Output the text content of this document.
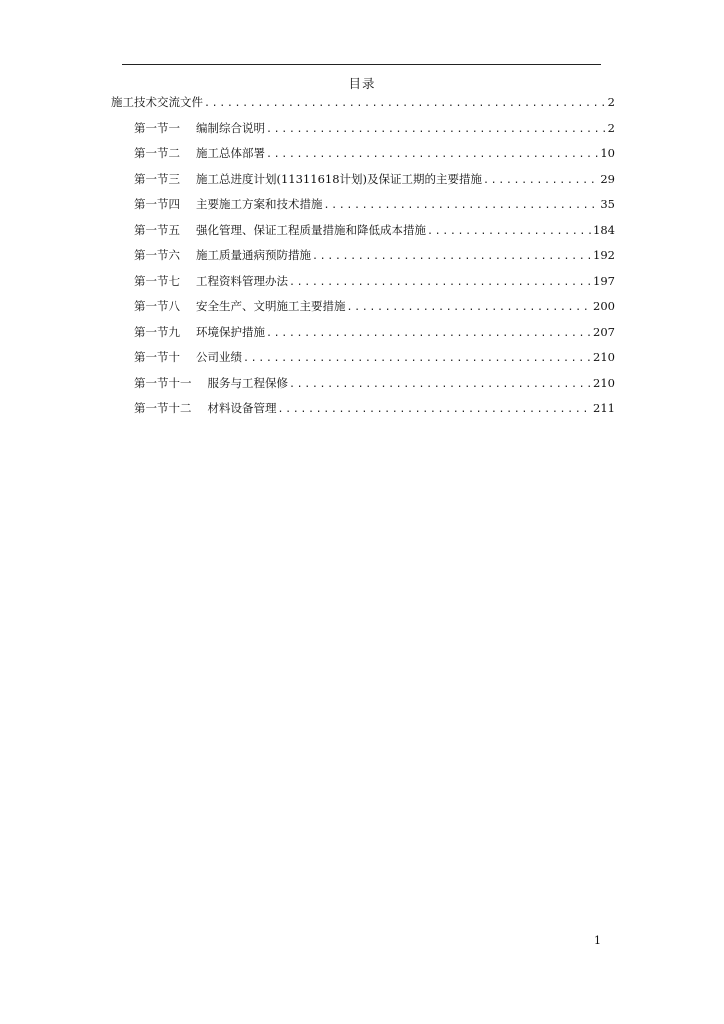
目录
施工技术交流文件 .....	2
第一节一 编制综合说明 .....	2
第一节二 施工总体部署 .....	10
第一节三 施工总进度计划(11311618计划)及保证工期的主要措施 .....	29
第一节四 主要施工方案和技术措施 .....	35
第一节五 强化管理、保证工程质量措施和降低成本措施 .....	184
第一节六 施工质量通病预防措施 .....	192
第一节七 工程资料管理办法 .....	197
第一节八 安全生产、文明施工主要措施 .....	200
第一节九 环境保护措施 .....	207
第一节十 公司业绩 .....	210
第一节十一 服务与工程保修 .....	210
第一节十二 材料设备管理 .....	211
1
